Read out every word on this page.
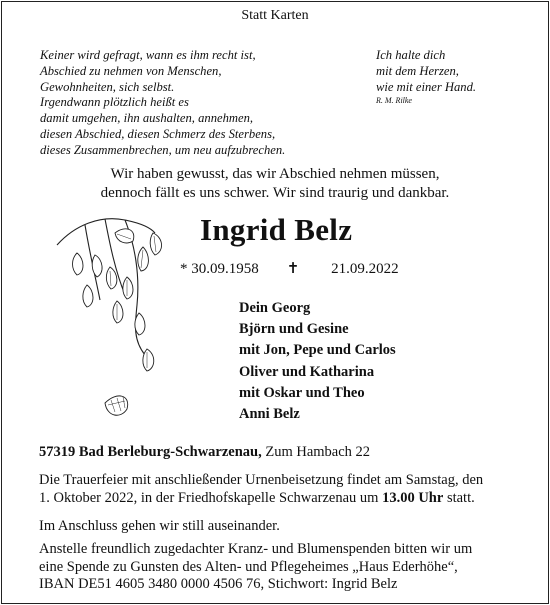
Statt Karten
Keiner wird gefragt, wann es ihm recht ist,
Abschied zu nehmen von Menschen,
Gewohnheiten, sich selbst.
Irgendwann plötzlich heißt es
damit umgehen, ihn aushalten, annehmen,
diesen Abschied, diesen Schmerz des Sterbens,
dieses Zusammenbrechen, um neu aufzubrechen.
Ich halte dich
mit dem Herzen,
wie mit einer Hand.
R. M. Rilke
Wir haben gewusst, das wir Abschied nehmen müssen,
dennoch fällt es uns schwer. Wir sind traurig und dankbar.
Ingrid Belz
* 30.09.1958 ✝ 21.09.2022
Dein Georg
Björn und Gesine
mit Jon, Pepe und Carlos
Oliver und Katharina
mit Oskar und Theo
Anni Belz
57319 Bad Berleburg-Schwarzenau, Zum Hambach 22
Die Trauerfeier mit anschließender Urnenbeisetzung findet am Samstag, den
1. Oktober 2022, in der Friedhofskapelle Schwarzenau um 13.00 Uhr statt.
Im Anschluss gehen wir still auseinander.
Anstelle freundlich zugedachter Kranz- und Blumenspenden bitten wir um
eine Spende zu Gunsten des Alten- und Pflegeheimes „Haus Ederhöhe“,
IBAN DE51 4605 3480 0000 4506 76, Stichwort: Ingrid Belz
